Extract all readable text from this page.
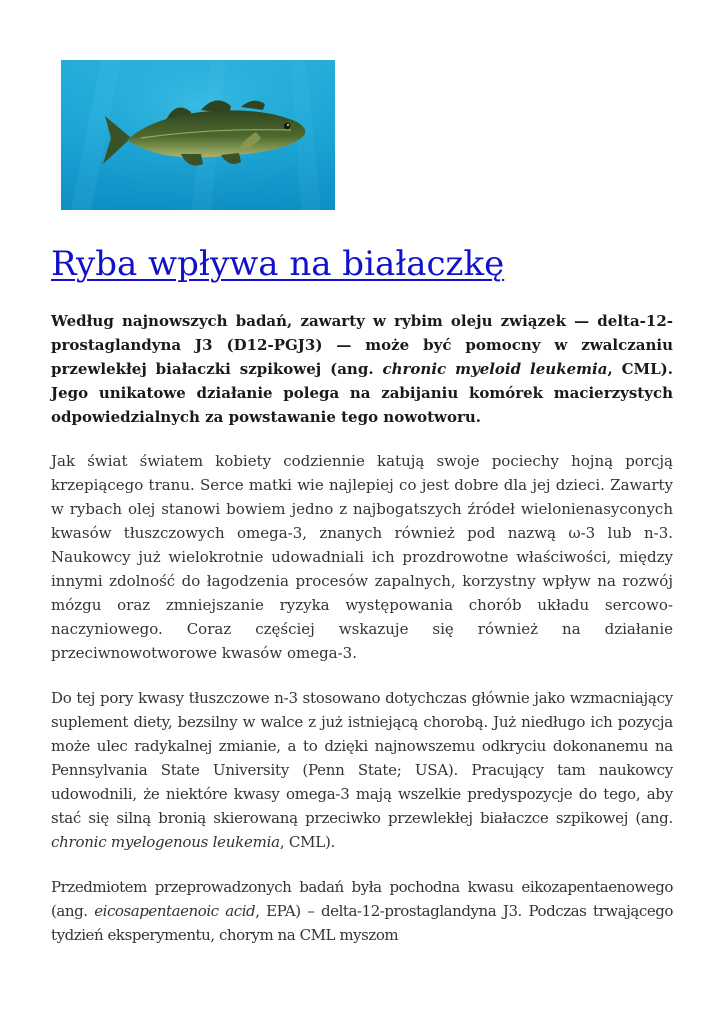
Ryba wpływa na białaczkę

Według najnowszych badań, zawarty w rybim oleju związek — delta-12-prostaglandyna J3 (D12-PGJ3) — może być pomocny w zwalczaniu przewlekłej białaczki szpikowej (ang. chronic myeloid leukemia, CML). Jego unikatowe działanie polega na zabijaniu komórek macierzystych odpowiedzialnych za powstawanie tego nowotworu.

Jak świat światem kobiety codziennie katują swoje pociechy hojną porcją krzepiącego tranu. Serce matki wie najlepiej co jest dobre dla jej dzieci. Zawarty w rybach olej stanowi bowiem jedno z najbogatszych źródeł wielonienasyconych kwasów tłuszczowych omega-3, znanych również pod nazwą ω-3 lub n-3. Naukowcy już wielokrotnie udowadniali ich prozdrowotne właściwości, między innymi zdolność do łagodzenia procesów zapalnych, korzystny wpływ na rozwój mózgu oraz zmniejszanie ryzyka występowania chorób układu sercowo-naczyniowego. Coraz częściej wskazuje się również na działanie przeciwnowotworowe kwasów omega-3.

Do tej pory kwasy tłuszczowe n-3 stosowano dotychczas głównie jako wzmacniający suplement diety, bezsilny w walce z już istniejącą chorobą. Już niedługo ich pozycja może ulec radykalnej zmianie, a to dzięki najnowszemu odkryciu dokonanemu na Pennsylvania State University (Penn State; USA). Pracujący tam naukowcy udowodnili, że niektóre kwasy omega-3 mają wszelkie predyspozycje do tego, aby stać się silną bronią skierowaną przeciwko przewlekłej białaczce szpikowej (ang. chronic myelogenous leukemia, CML).

Przedmiotem przeprowadzonych badań była pochodna kwasu eikozapentaenowego (ang. eicosapentaenoic acid, EPA) – delta-12-prostaglandyna J3. Podczas trwającego tydzień eksperymentu, chorym na CML myszom
